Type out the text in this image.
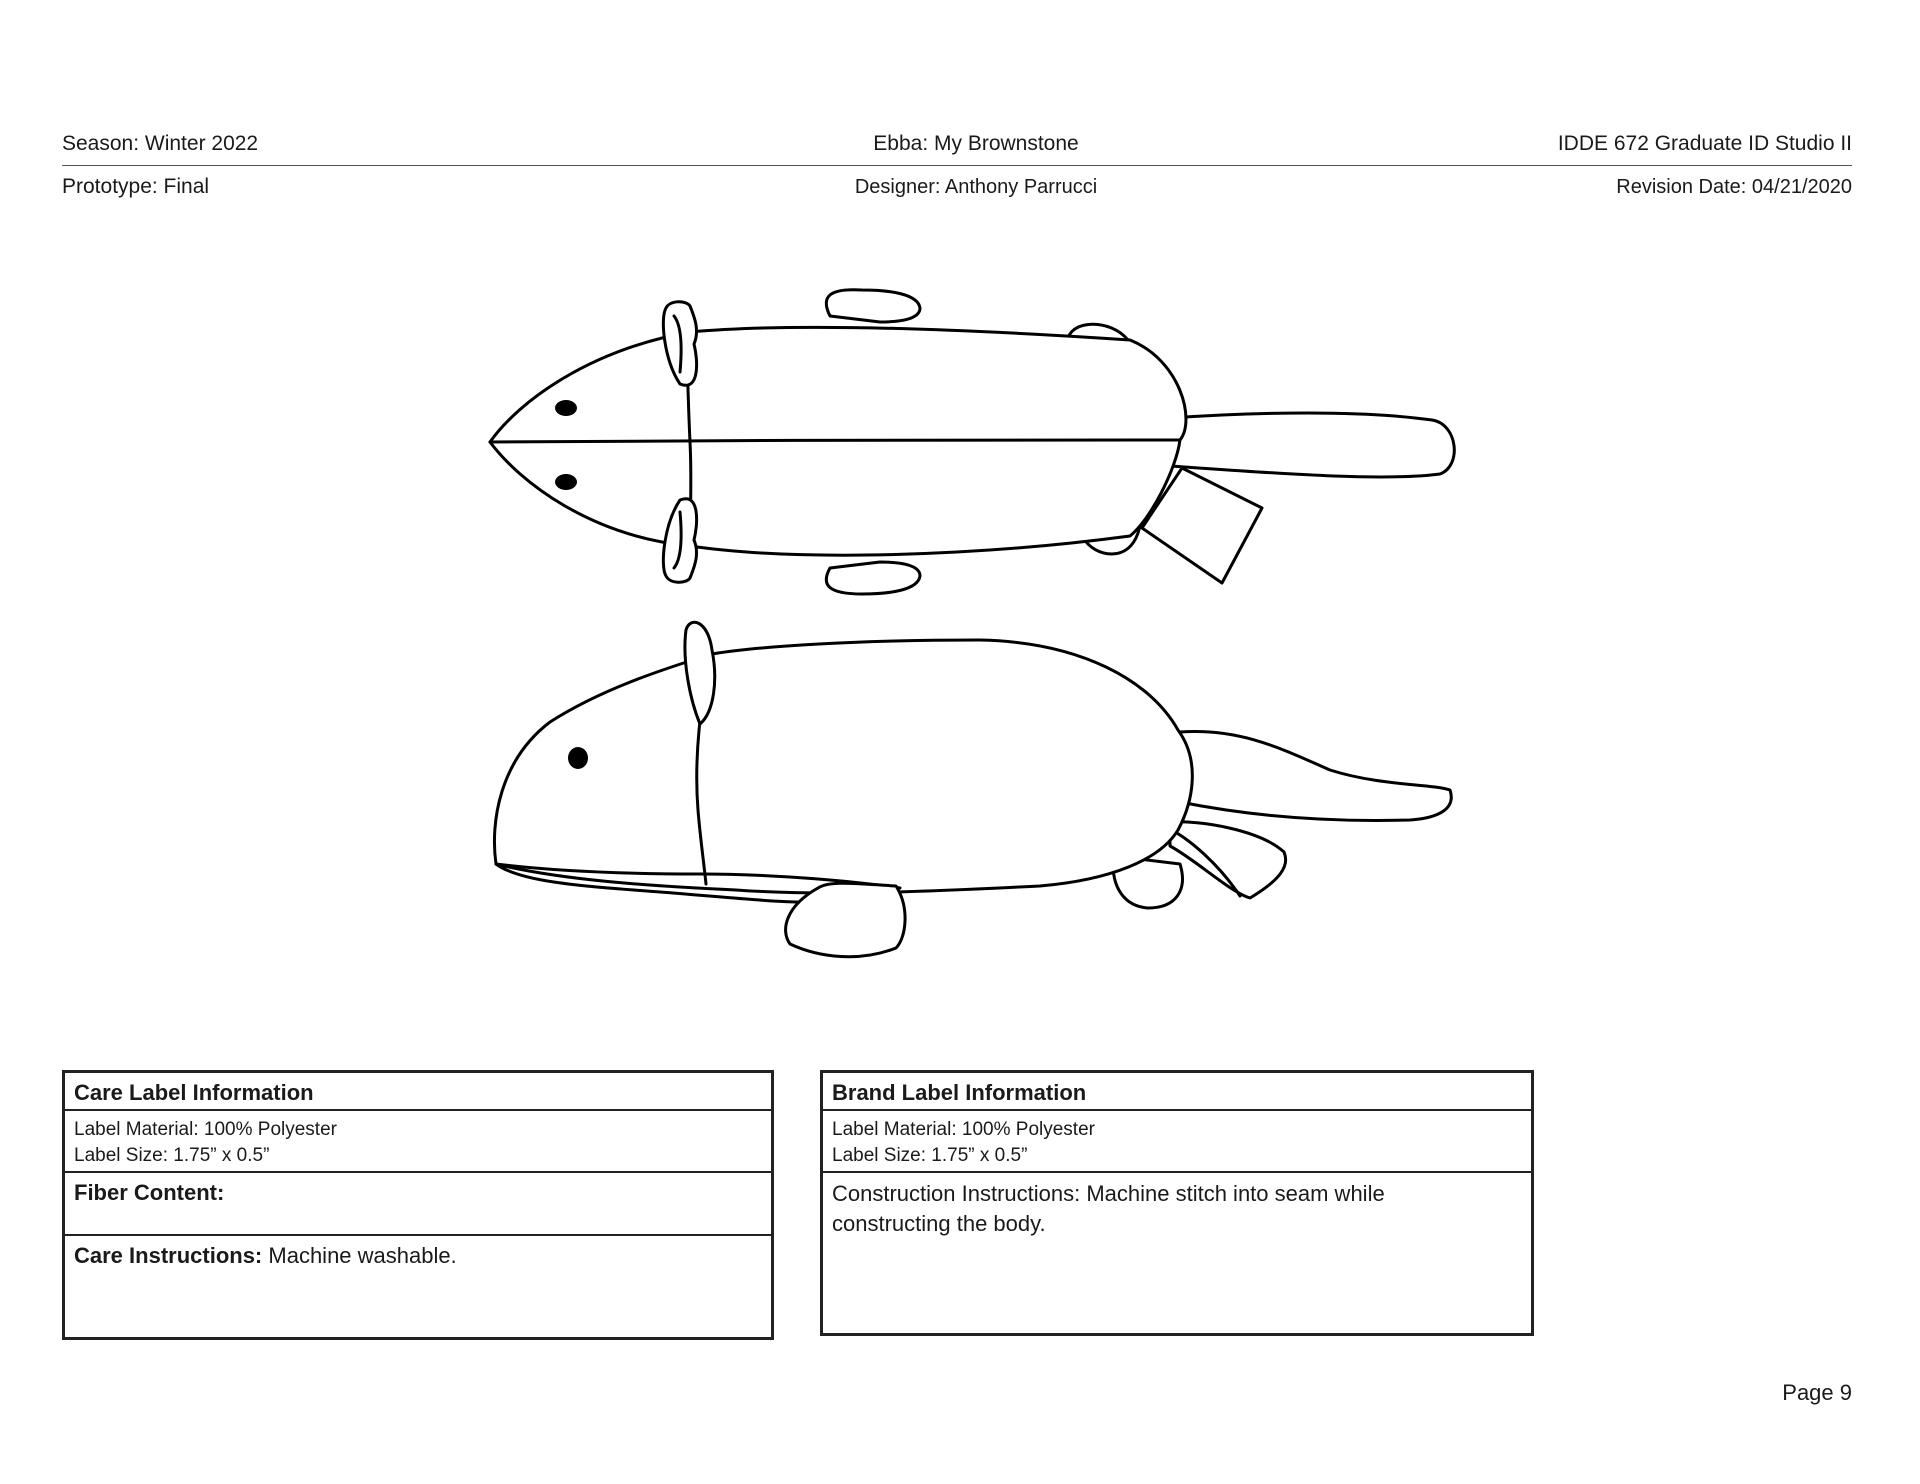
Season: Winter 2022	Ebba: My Brownstone	IDDE 672 Graduate ID Studio II
Prototype: Final	Designer: Anthony Parrucci	Revision Date: 04/21/2020
Care Label Information
Label Material: 100% Polyester
Label Size: 1.75” x 0.5”
Fiber Content:
Care Instructions: Machine washable.
Brand Label Information
Label Material: 100% Polyester
Label Size: 1.75” x 0.5”
Construction Instructions: Machine stitch into seam while constructing the body.
Page 9
